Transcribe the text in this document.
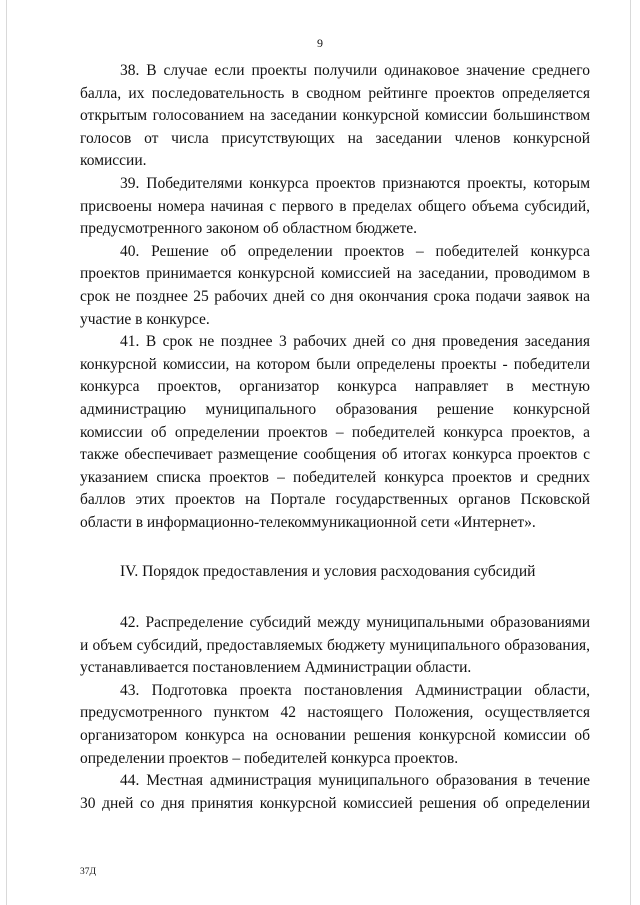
9

38. В случае если проекты получили одинаковое значение среднего балла, их последовательность в сводном рейтинге проектов определяется открытым голосованием на заседании конкурсной комиссии большинством голосов от числа присутствующих на заседании членов конкурсной комиссии.

39. Победителями конкурса проектов признаются проекты, которым присвоены номера начиная с первого в пределах общего объема субсидий, предусмотренного законом об областном бюджете.

40. Решение об определении проектов – победителей конкурса проектов принимается конкурсной комиссией на заседании, проводимом в срок не позднее 25 рабочих дней со дня окончания срока подачи заявок на участие в конкурсе.

41. В срок не позднее 3 рабочих дней со дня проведения заседания конкурсной комиссии, на котором были определены проекты - победители конкурса проектов, организатор конкурса направляет в местную администрацию муниципального образования решение конкурсной комиссии об определении проектов – победителей конкурса проектов, а также обеспечивает размещение сообщения об итогах конкурса проектов с указанием списка проектов – победителей конкурса проектов и средних баллов этих проектов на Портале государственных органов Псковской области в информационно-телекоммуникационной сети «Интернет».

IV. Порядок предоставления и условия расходования субсидий

42. Распределение субсидий между муниципальными образованиями и объем субсидий, предоставляемых бюджету муниципального образования, устанавливается постановлением Администрации области.

43. Подготовка проекта постановления Администрации области, предусмотренного пунктом 42 настоящего Положения, осуществляется организатором конкурса на основании решения конкурсной комиссии об определении проектов – победителей конкурса проектов.

44. Местная администрация муниципального образования в течение 30 дней со дня принятия конкурсной комиссией решения об определении

37Д
